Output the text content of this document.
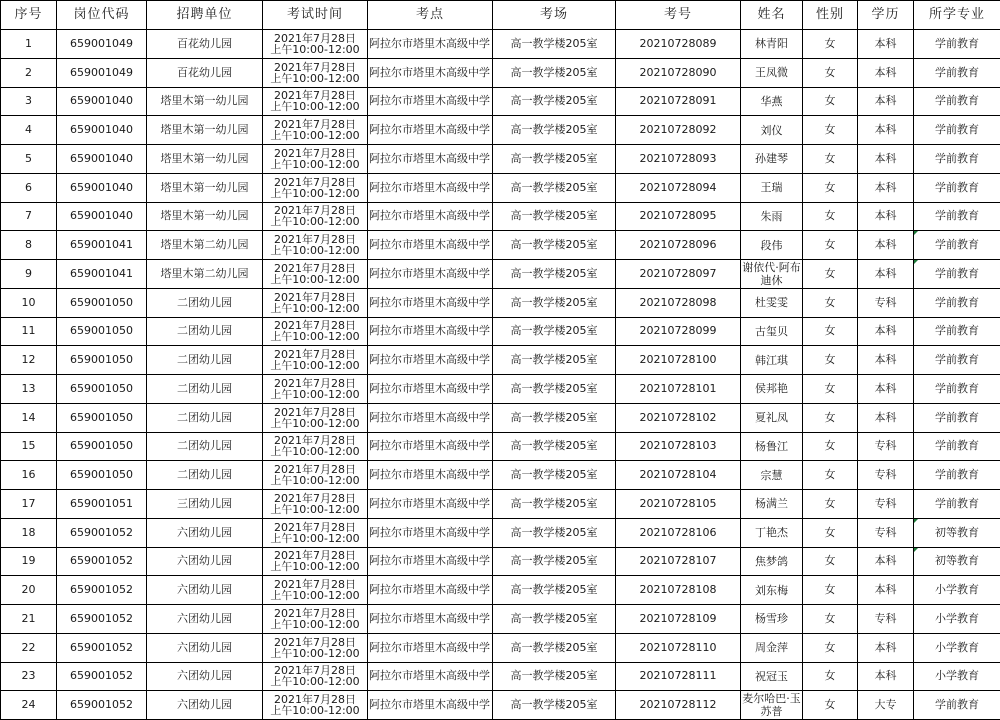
序号	岗位代码	招聘单位	考试时间	考点	考场	考号	姓名	性别	学历	所学专业
1	659001049	百花幼儿园	2021年7月28日
上午10:00-12:00	阿拉尔市塔里木高级中学	高一教学楼205室	20210728089	林青阳	女	本科	学前教育
2	659001049	百花幼儿园	2021年7月28日
上午10:00-12:00	阿拉尔市塔里木高级中学	高一教学楼205室	20210728090	王凤微	女	本科	学前教育
3	659001040	塔里木第一幼儿园	2021年7月28日
上午10:00-12:00	阿拉尔市塔里木高级中学	高一教学楼205室	20210728091	华燕	女	本科	学前教育
4	659001040	塔里木第一幼儿园	2021年7月28日
上午10:00-12:00	阿拉尔市塔里木高级中学	高一教学楼205室	20210728092	刘仪	女	本科	学前教育
5	659001040	塔里木第一幼儿园	2021年7月28日
上午10:00-12:00	阿拉尔市塔里木高级中学	高一教学楼205室	20210728093	孙建琴	女	本科	学前教育
6	659001040	塔里木第一幼儿园	2021年7月28日
上午10:00-12:00	阿拉尔市塔里木高级中学	高一教学楼205室	20210728094	王瑞	女	本科	学前教育
7	659001040	塔里木第一幼儿园	2021年7月28日
上午10:00-12:00	阿拉尔市塔里木高级中学	高一教学楼205室	20210728095	朱雨	女	本科	学前教育
8	659001041	塔里木第二幼儿园	2021年7月28日
上午10:00-12:00	阿拉尔市塔里木高级中学	高一教学楼205室	20210728096	段伟	女	本科	学前教育
9	659001041	塔里木第二幼儿园	2021年7月28日
上午10:00-12:00	阿拉尔市塔里木高级中学	高一教学楼205室	20210728097	谢依代·阿布迪休	女	本科	学前教育
10	659001050	二团幼儿园	2021年7月28日
上午10:00-12:00	阿拉尔市塔里木高级中学	高一教学楼205室	20210728098	杜雯雯	女	专科	学前教育
11	659001050	二团幼儿园	2021年7月28日
上午10:00-12:00	阿拉尔市塔里木高级中学	高一教学楼205室	20210728099	古玺贝	女	本科	学前教育
12	659001050	二团幼儿园	2021年7月28日
上午10:00-12:00	阿拉尔市塔里木高级中学	高一教学楼205室	20210728100	韩江琪	女	本科	学前教育
13	659001050	二团幼儿园	2021年7月28日
上午10:00-12:00	阿拉尔市塔里木高级中学	高一教学楼205室	20210728101	侯邦艳	女	本科	学前教育
14	659001050	二团幼儿园	2021年7月28日
上午10:00-12:00	阿拉尔市塔里木高级中学	高一教学楼205室	20210728102	夏礼凤	女	本科	学前教育
15	659001050	二团幼儿园	2021年7月28日
上午10:00-12:00	阿拉尔市塔里木高级中学	高一教学楼205室	20210728103	杨鲁江	女	专科	学前教育
16	659001050	二团幼儿园	2021年7月28日
上午10:00-12:00	阿拉尔市塔里木高级中学	高一教学楼205室	20210728104	宗慧	女	专科	学前教育
17	659001051	三团幼儿园	2021年7月28日
上午10:00-12:00	阿拉尔市塔里木高级中学	高一教学楼205室	20210728105	杨满兰	女	专科	学前教育
18	659001052	六团幼儿园	2021年7月28日
上午10:00-12:00	阿拉尔市塔里木高级中学	高一教学楼205室	20210728106	丁艳杰	女	专科	初等教育
19	659001052	六团幼儿园	2021年7月28日
上午10:00-12:00	阿拉尔市塔里木高级中学	高一教学楼205室	20210728107	焦梦鸽	女	本科	初等教育
20	659001052	六团幼儿园	2021年7月28日
上午10:00-12:00	阿拉尔市塔里木高级中学	高一教学楼205室	20210728108	刘东梅	女	本科	小学教育
21	659001052	六团幼儿园	2021年7月28日
上午10:00-12:00	阿拉尔市塔里木高级中学	高一教学楼205室	20210728109	杨雪珍	女	专科	小学教育
22	659001052	六团幼儿园	2021年7月28日
上午10:00-12:00	阿拉尔市塔里木高级中学	高一教学楼205室	20210728110	周金萍	女	本科	小学教育
23	659001052	六团幼儿园	2021年7月28日
上午10:00-12:00	阿拉尔市塔里木高级中学	高一教学楼205室	20210728111	祝冠玉	女	本科	小学教育
24	659001052	六团幼儿园	2021年7月28日
上午10:00-12:00	阿拉尔市塔里木高级中学	高一教学楼205室	20210728112	麦尔哈巴·玉苏普	女	大专	学前教育
